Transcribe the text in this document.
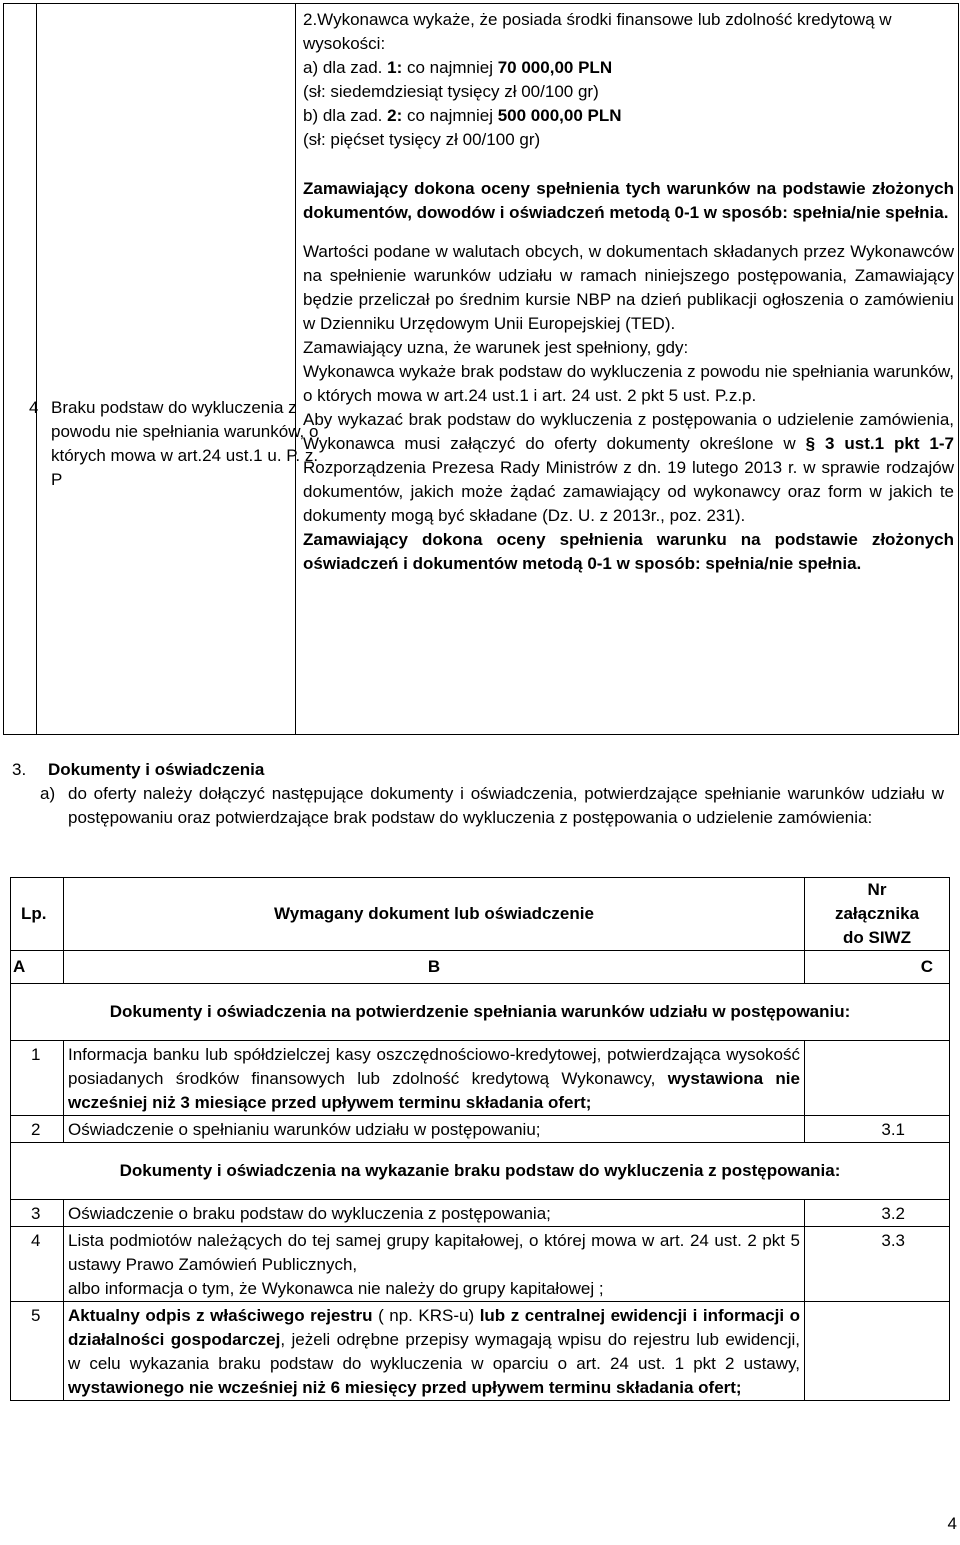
4 Braku podstaw do wykluczenia z powodu nie spełniania warunków, o których mowa w art.24 ust.1 u. P. z. P

2.Wykonawca wykaże, że posiada środki finansowe lub zdolność kredytową w wysokości:

a) dla zad. 1: co najmniej 70 000,00 PLN

(sł: siedemdziesiąt tysięcy zł 00/100 gr)

b) dla zad. 2: co najmniej 500 000,00 PLN

(sł: pięćset tysięcy zł 00/100 gr)

Zamawiający dokona oceny spełnienia tych warunków na podstawie złożonych dokumentów, dowodów i oświadczeń metodą 0-1 w sposób: spełnia/nie spełnia.

Wartości podane w walutach obcych, w dokumentach składanych przez Wykonawców na spełnienie warunków udziału w ramach niniejszego postępowania, Zamawiający będzie przeliczał po średnim kursie NBP na dzień publikacji ogłoszenia o zamówieniu w Dzienniku Urzędowym Unii Europejskiej (TED).

Zamawiający uzna, że warunek jest spełniony, gdy:

Wykonawca wykaże brak podstaw do wykluczenia z powodu nie spełniania warunków, o których mowa w art.24 ust.1 i art. 24 ust. 2 pkt 5 ust. P.z.p.

Aby wykazać brak podstaw do wykluczenia z postępowania o udzielenie zamówienia, Wykonawca musi załączyć do oferty dokumenty określone w § 3 ust.1 pkt 1-7 Rozporządzenia Prezesa Rady Ministrów z dn. 19 lutego 2013 r. w sprawie rodzajów dokumentów, jakich może żądać zamawiający od wykonawcy oraz form w jakich te dokumenty mogą być składane (Dz. U. z 2013r., poz. 231).

Zamawiający dokona oceny spełnienia warunku na podstawie złożonych oświadczeń i dokumentów metodą 0-1 w sposób: spełnia/nie spełnia.

3.	Dokumenty i oświadczenia
a) do oferty należy dołączyć następujące dokumenty i oświadczenia, potwierdzające spełnianie warunków udziału w postępowaniu oraz potwierdzające brak podstaw do wykluczenia z postępowania o udzielenie zamówienia:
Lp.	Wymagany dokument lub oświadczenie	Nr
załącznika
do SIWZ

A	B	C
Dokumenty i oświadczenia na potwierdzenie spełniania warunków udziału w postępowaniu:		
1	Informacja banku lub spółdzielczej kasy oszczędnościowo-kredytowej, potwierdzająca wysokość posiadanych środków finansowych lub zdolność kredytową Wykonawcy, wystawiona nie wcześniej niż 3 miesiące przed upływem terminu składania ofert;	
2	Oświadczenie o spełnianiu warunków udziału w postępowaniu;	3.1
Dokumenty i oświadczenia na wykazanie braku podstaw do wykluczenia z postępowania:		
3	Oświadczenie o braku podstaw do wykluczenia z postępowania;	3.2
4	Lista podmiotów należących do tej samej grupy kapitałowej, o której mowa w art. 24 ust. 2 pkt 5 ustawy Prawo Zamówień Publicznych,

albo informacja o tym, że Wykonawca nie należy do grupy kapitałowej ;	3.3
5	Aktualny odpis z właściwego rejestru ( np. KRS-u) lub z centralnej ewidencji i informacji o działalności gospodarczej, jeżeli odrębne przepisy wymagają wpisu do rejestru lub ewidencji, w celu wykazania braku podstaw do wykluczenia w oparciu o art. 24 ust. 1 pkt 2 ustawy, wystawionego nie wcześniej niż 6 miesięcy przed upływem terminu składania ofert;	
4
